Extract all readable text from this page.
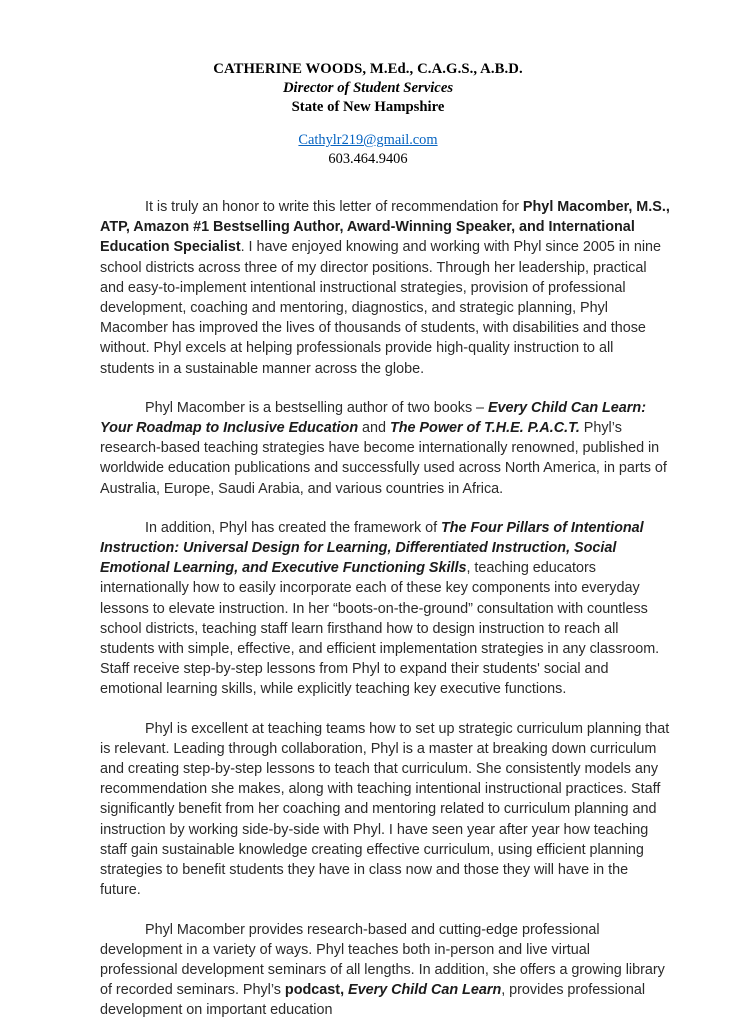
CATHERINE WOODS, M.Ed., C.A.G.S., A.B.D.
Director of Student Services
State of New Hampshire
Cathylr219@gmail.com
603.464.9406

It is truly an honor to write this letter of recommendation for Phyl Macomber, M.S., ATP, Amazon #1 Bestselling Author, Award-Winning Speaker, and International Education Specialist. I have enjoyed knowing and working with Phyl since 2005 in nine school districts across three of my director positions. Through her leadership, practical and easy-to-implement intentional instructional strategies, provision of professional development, coaching and mentoring, diagnostics, and strategic planning, Phyl Macomber has improved the lives of thousands of students, with disabilities and those without. Phyl excels at helping professionals provide high-quality instruction to all students in a sustainable manner across the globe.

Phyl Macomber is a bestselling author of two books – Every Child Can Learn: Your Roadmap to Inclusive Education and The Power of T.H.E. P.A.C.T. Phyl’s research-based teaching strategies have become internationally renowned, published in worldwide education publications and successfully used across North America, in parts of Australia, Europe, Saudi Arabia, and various countries in Africa.

In addition, Phyl has created the framework of The Four Pillars of Intentional Instruction: Universal Design for Learning, Differentiated Instruction, Social Emotional Learning, and Executive Functioning Skills, teaching educators internationally how to easily incorporate each of these key components into everyday lessons to elevate instruction. In her “boots-on-the-ground” consultation with countless school districts, teaching staff learn firsthand how to design instruction to reach all students with simple, effective, and efficient implementation strategies in any classroom. Staff receive step-by-step lessons from Phyl to expand their students' social and emotional learning skills, while explicitly teaching key executive functions.

Phyl is excellent at teaching teams how to set up strategic curriculum planning that is relevant. Leading through collaboration, Phyl is a master at breaking down curriculum and creating step-by-step lessons to teach that curriculum. She consistently models any recommendation she makes, along with teaching intentional instructional practices. Staff significantly benefit from her coaching and mentoring related to curriculum planning and instruction by working side-by-side with Phyl. I have seen year after year how teaching staff gain sustainable knowledge creating effective curriculum, using efficient planning strategies to benefit students they have in class now and those they will have in the future.

Phyl Macomber provides research-based and cutting-edge professional development in a variety of ways. Phyl teaches both in-person and live virtual professional development seminars of all lengths. In addition, she offers a growing library of recorded seminars. Phyl’s podcast, Every Child Can Learn, provides professional development on important education
